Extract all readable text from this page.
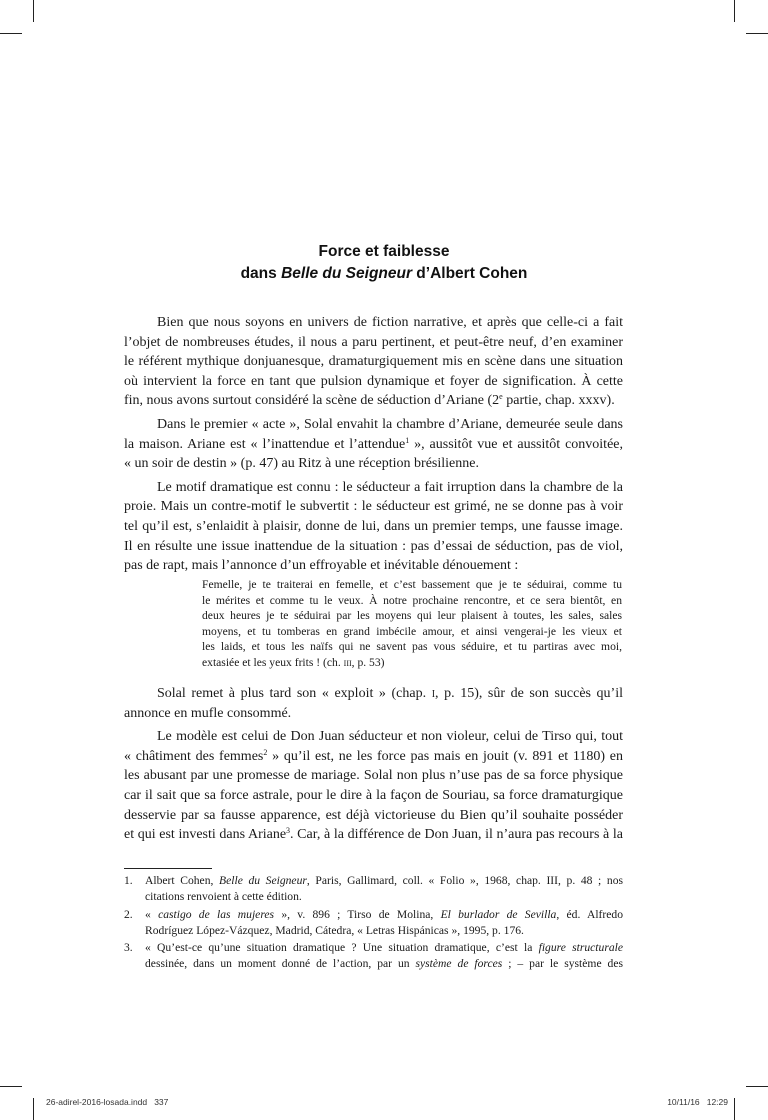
Force et faiblesse
dans Belle du Seigneur d’Albert Cohen
Bien que nous soyons en univers de fiction narrative, et après que celle-ci a fait
l’objet de nombreuses études, il nous a paru pertinent, et peut-être neuf, d’en examiner
le référent mythique donjuanesque, dramaturgiquement mis en scène dans une situation
où intervient la force en tant que pulsion dynamique et foyer de signification. À cette
fin, nous avons surtout considéré la scène de séduction d’Ariane (2e partie, chap. xxxv).
Dans le premier « acte », Solal envahit la chambre d’Ariane, demeurée seule dans
la maison. Ariane est « l’inattendue et l’attendue$^1$ », aussitôt vue et aussitôt convoitée,
« un soir de destin » (p. 47) au Ritz à une réception brésilienne.
Le motif dramatique est connu : le séducteur a fait irruption dans la chambre de la
proie. Mais un contre-motif le subvertit : le séducteur est grimé, ne se donne pas à voir
tel qu’il est, s’enlaidit à plaisir, donne de lui, dans un premier temps, une fausse image.
Il en résulte une issue inattendue de la situation : pas d’essai de séduction, pas de viol,
pas de rapt, mais l’annonce d’un effroyable et inévitable dénouement :
Femelle, je te traiterai en femelle, et c’est bassement que je te séduirai, comme tu
le mérites et comme tu le veux. À notre prochaine rencontre, et ce sera bientôt, en
deux heures je te séduirai par les moyens qui leur plaisent à toutes, les sales, sales
moyens, et tu tomberas en grand imbécile amour, et ainsi vengerai-je les vieux et
les laids, et tous les naïfs qui ne savent pas vous séduire, et tu partiras avec moi,
extasiée et les yeux frits ! (ch. iii, p. 53)
Solal remet à plus tard son « exploit » (chap. i, p. 15), sûr de son succès qu’il
annonce en mufle consommé.
Le modèle est celui de Don Juan séducteur et non violeur, celui de Tirso qui, tout
« châtiment des femmes$^2$ » qu’il est, ne les force pas mais en jouit (v. 891 et 1180) en
les abusant par une promesse de mariage. Solal non plus n’use pas de sa force physique
car il sait que sa force astrale, pour le dire à la façon de Souriau, sa force dramaturgique
desservie par sa fausse apparence, est déjà victorieuse du Bien qu’il souhaite posséder
et qui est investi dans Ariane$^3$. Car, à la différence de Don Juan, il n’aura pas recours à la
1. Albert Cohen, Belle du Seigneur, Paris, Gallimard, coll. « Folio », 1968, chap. III, p. 48 ; nos
citations renvoient à cette édition.
2. « castigo de las mujeres », v. 896 ; Tirso de Molina, El burlador de Sevilla, éd. Alfredo
Rodríguez López-Vázquez, Madrid, Cátedra, « Letras Hispánicas », 1995, p. 176.
3. « Qu’est-ce qu’une situation dramatique ? Une situation dramatique, c’est la figure structurale
dessinée, dans un moment donné de l’action, par un système de forces ; – par le système des
26-adirel-2016-losada.indd   337	10/11/16   12:29
